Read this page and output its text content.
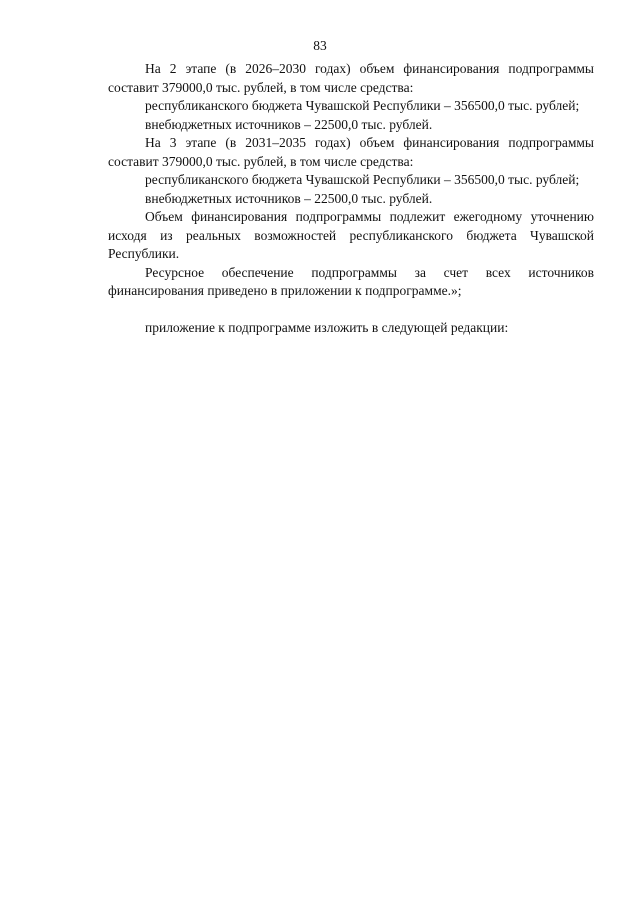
83

На 2 этапе (в 2026–2030 годах) объем финансирования подпрограммы составит 379000,0 тыс. рублей, в том числе средства:

республиканского бюджета Чувашской Республики – 356500,0 тыс. рублей;

внебюджетных источников – 22500,0 тыс. рублей.

На 3 этапе (в 2031–2035 годах) объем финансирования подпрограммы составит 379000,0 тыс. рублей, в том числе средства:

республиканского бюджета Чувашской Республики – 356500,0 тыс. рублей;

внебюджетных источников – 22500,0 тыс. рублей.

Объем финансирования подпрограммы подлежит ежегодному уточнению исходя из реальных возможностей республиканского бюджета Чувашской Республики.

Ресурсное обеспечение подпрограммы за счет всех источников финансирования приведено в приложении к подпрограмме.»;

приложение к подпрограмме изложить в следующей редакции:
